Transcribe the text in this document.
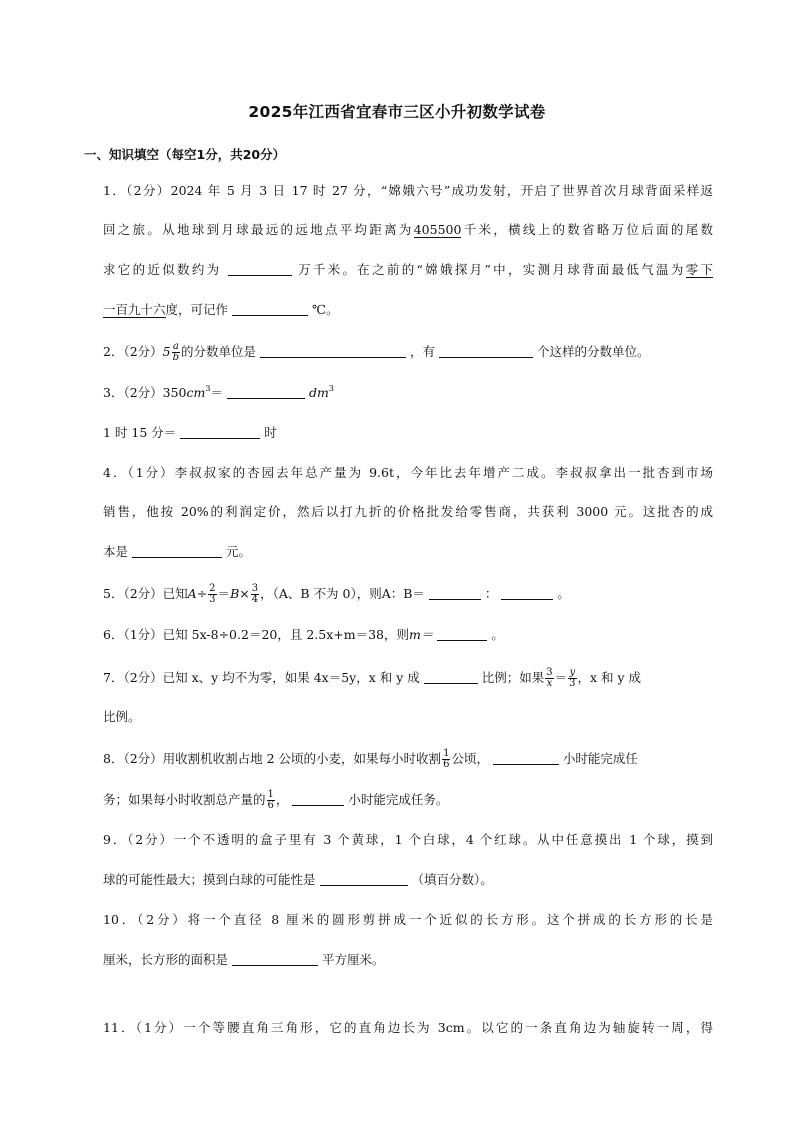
2025年江西省宜春市三区小升初数学试卷
一、知识填空（每空1分，共20分）
1．（2分）2024 年 5 月 3 日 17 时 27 分，“嫦娥六号”成功发射，开启了世界首次月球背面采样返
回之旅。从地球到月球最远的远地点平均距离为405500千米，横线上的数省略万位后面的尾数
求它的近似数约为	万千米。在之前的“嫦娥探月”中，实测月球背面最低气温为零下
一百九十六度，可记作	℃。
2．（2分）$5 \frac{a}{b}$ 的分数单位是	，有	个这样的分数单位。
3．（2分）$350cm^3=$	$dm^3$
1 时 15 分＝	时
4．（1分）李叔叔家的杏园去年总产量为 9.6t，今年比去年增产二成。李叔叔拿出一批杏到市场
销售，他按 20%的利润定价，然后以打九折的价格批发给零售商，共获利 3000 元。这批杏的成
本是	元。
5．（2分）已知$A\div \frac{2}{3} =B\times \frac{3}{4}$ ，（A、B 不为 0），则A：B＝	：	。
6．（1分）已知 5x-8÷0.2＝20，且 2.5x+m＝38，则m＝	。
7．（2分）已知 x、y 均不为零，如果 4x＝5y，x 和 y 成	比例；如果 $\frac{3}{x} = \frac{y}{3}$ ，x 和 y 成
比例。
8．（2分）用收割机收割占地 2 公顷的小麦，如果每小时收割 $\frac{1}{6}$ 公顷，	小时能完成任
务；如果每小时收割总产量的 $\frac{1}{6}$ ，	小时能完成任务。
9．（2分）一个不透明的盒子里有 3 个黄球，1 个白球，4 个红球。从中任意摸出 1 个球，摸到
球的可能性最大；摸到白球的可能性是	（填百分数）。
10．（2分）将一个直径 8 厘米的圆形剪拼成一个近似的长方形。这个拼成的长方形的长是
厘米，长方形的面积是	平方厘米。
11．（1分）一个等腰直角三角形，它的直角边长为 3cm。以它的一条直角边为轴旋转一周，得
